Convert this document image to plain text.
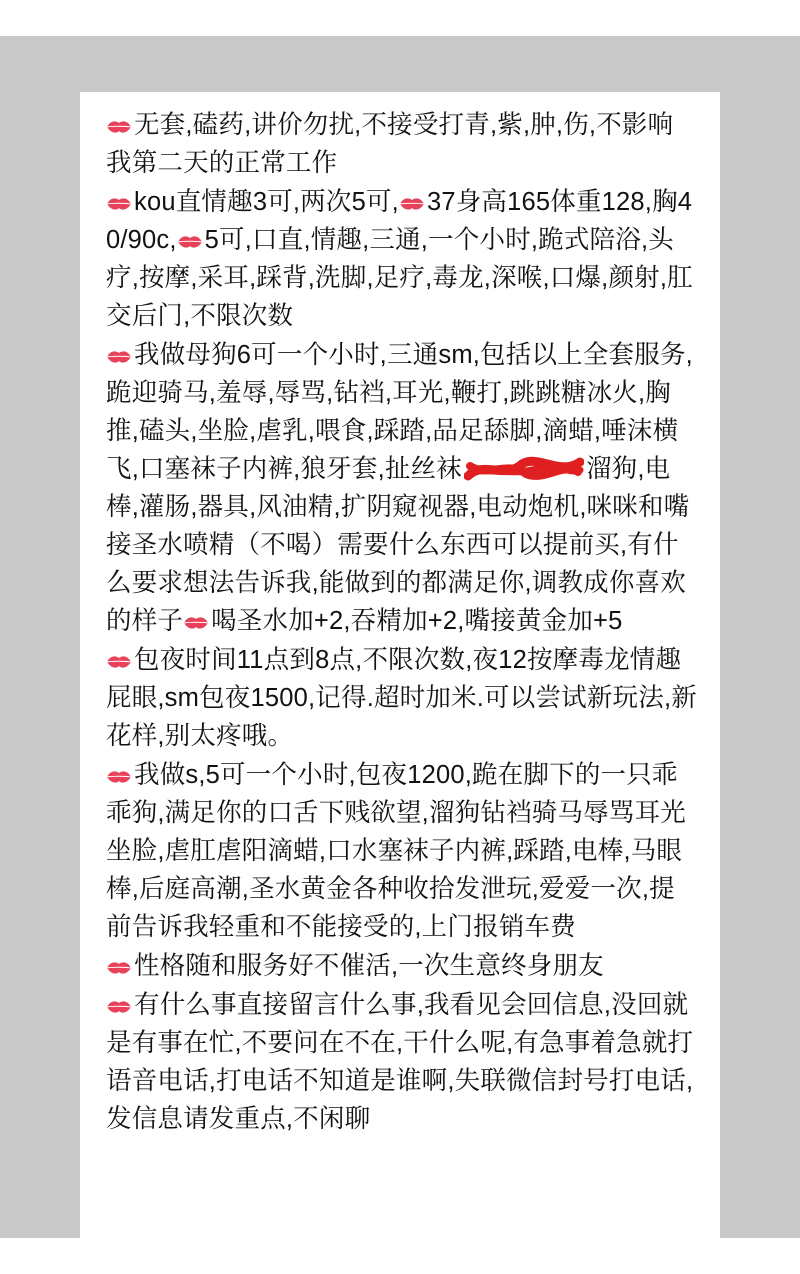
无套,磕药,讲价勿扰,不接受打青,紫,肿,伤,不影响我第二天的正常工作

kou直情趣3可,两次5可, 37身高165体重128,胸40/90c, 5可,口直,情趣,三通,一个小时,跪式陪浴,头疗,按摩,采耳,踩背,洗脚,足疗,毒龙,深喉,口爆,颜射,肛交后门,不限次数

我做母狗6可一个小时,三通sm,包括以上全套服务,跪迎骑马,羞辱,辱骂,钻裆,耳光,鞭打,跳跳糖冰火,胸推,磕头,坐脸,虐乳,喂食,踩踏,品足舔脚,滴蜡,唾沫横飞,口塞袜子内裤,狼牙套,扯丝袜	溜狗,电棒,灌肠,器具,风油精,扩阴窥视器,电动炮机,咪咪和嘴接圣水喷精（不喝）需要什么东西可以提前买,有什么要求想法告诉我,能做到的都满足你,调教成你喜欢的样子 喝圣水加+2,吞精加+2,嘴接黄金加+5

包夜时间11点到8点,不限次数,夜12按摩毒龙情趣屁眼,sm包夜1500,记得.超时加米.可以尝试新玩法,新花样,别太疼哦。

我做s,5可一个小时,包夜1200,跪在脚下的一只乖乖狗,满足你的口舌下贱欲望,溜狗钻裆骑马辱骂耳光坐脸,虐肛虐阳滴蜡,口水塞袜子内裤,踩踏,电棒,马眼棒,后庭高潮,圣水黄金各种收拾发泄玩,爱爱一次,提前告诉我轻重和不能接受的,上门报销车费

性格随和服务好不催活,一次生意终身朋友

有什么事直接留言什么事,我看见会回信息,没回就是有事在忙,不要问在不在,干什么呢,有急事着急就打语音电话,打电话不知道是谁啊,失联微信封号打电话,发信息请发重点,不闲聊
